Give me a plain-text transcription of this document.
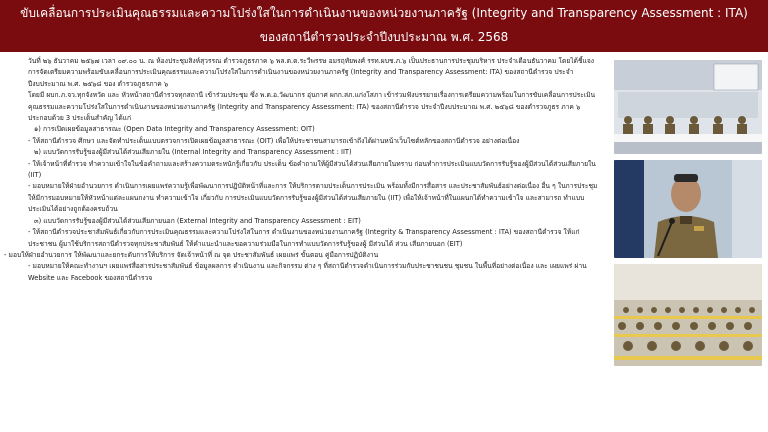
ขับเคลื่อนการประเมินคุณธรรมและความโปร่งใสในการดำเนินงานของหน่วยงานภาครัฐ (Integrity and Transparency Assessment : ITA)
ของสถานีตำรวจประจำปีงบประมาณ พ.ศ. 2568

วันที่ ๒๖ ธันวาคม ๒๕๖๗ เวลา ๐๙.๐๐ น. ณ ห้องประชุมสิงห์สุวรรณ ตำรวจภูธรภาค ๖ พล.ต.ต.ระวีพรรษ อมรฤทัยพงศ์ รรท.ผบช.ภ.๖ เป็นประธานการประชุมบริหาร ประจำเดือนธันวาคม โดยได้ชี้แจงการจัดเตรียมความพร้อมขับเคลื่อนการประเมินคุณธรรมและความโปร่งใสในการดำเนินงานของหน่วยงานภาครัฐ (Integrity and Transparency Assessment: ITA) ของสถานีตำรวจ ประจำปีงบประมาณ พ.ศ. ๒๕๖๘ ของ ตำรวจภูธรภาค ๖

โดยมี ผบก.ภ.จว.ทุกจังหวัด และ หัวหน้าสถานีตำรวจทุกสถานี เข้าร่วมประชุม ซึ่ง พ.ต.อ.วัฒนากร อุ่นกาศ ผกก.สภ.แก่งโสภา เข้าร่วมฟังบรรยายเรื่องการเตรียมความพร้อมในการขับเคลื่อนการประเมินคุณธรรมและความโปร่งใสในการดำเนินงานของหน่วยงานภาครัฐ (Integrity and Transparency Assessment: ITA) ของสถานีตำรวจ ประจำปีงบประมาณ พ.ศ. ๒๕๖๘ ของตำรวจภูธร ภาค ๖ ประกอบด้วย 3 ประเด็นสำคัญ ได้แก่

๑) การเปิดเผยข้อมูลสาธารณะ (Open Data Integrity and Transparency Assessment: OIT)

- ให้สถานีตำรวจ ศึกษา และจัดทำประเด็นแบบตรวจการเปิดเผยข้อมูลสาธารณะ (OIT) เพื่อให้ประชาชนสามารถเข้าถึงได้ผ่านหน้าเว็บไซต์หลักของสถานีตำรวจ อย่างต่อเนื่อง

๒) แบบวัดการรับรู้ของผู้มีส่วนได้ส่วนเสียภายใน (Internal Integrity and Transparency Assessment : IIT)

- ให้เจ้าหน้าที่ตำรวจ ทำความเข้าใจในข้อคำถามและสร้างความตระหนักรู้เกี่ยวกับ ประเด็น ข้อคำถามให้ผู้มีส่วนได้ส่วนเสียภายในทราบ ก่อนทำการประเมินแบบวัดการรับรู้ของผู้มีส่วนได้ส่วนเสียภายใน (IIT)

- มอบหมายให้ฝ่ายอำนวยการ ดำเนินการเผยแพร่ความรู้เพื่อพัฒนาการปฏิบัติหน้าที่และการ ให้บริการตามประเด็นการประเมิน พร้อมทั้งมีการสื่อสาร และประชาสัมพันธ์อย่างต่อเนื่อง อื่น ๆ ในการประชุมให้มีการมอบหมายให้หัวหน้าแต่ละแผนกงาน ทำความเข้าใจ เกี่ยวกับ การประเมินแบบวัดการรับรู้ของผู้มีส่วนได้ส่วนเสียภายใน (IIT) เพื่อให้เจ้าหน้าที่ในแผนกได้ทำความเข้าใจ และสามารถ ทำแบบประเมินได้อย่างถูกต้องครบถ้วน

๓) แบบวัดการรับรู้ของผู้มีส่วนได้ส่วนเสียภายนอก (External Integrity and Transparency Assessment : EIT)

- ให้สถานีตำรวจประชาสัมพันธ์เกี่ยวกับการประเมินคุณธรรมและความโปร่งใสในการ ดำเนินงานของหน่วยงานภาครัฐ (Integrity & Transparency Assessment : ITA) ของสถานีตำรวจ ให้แก่ ประชาชน ผู้มาใช้บริการสถานีตำรวจทุกประชาสัมพันธ์ ให้คำแนะนำและขอความร่วมมือในการทำแบบวัดการรับรู้ของผู้ มีส่วนได้ ส่วน เสียภายนอก (EIT)

- มอบให้ฝ่ายอำนวยการ ให้พัฒนาและยกระดับการให้บริการ จัดเจ้าหน้าที่ ณ จุด ประชาสัมพันธ์ เผยแพร่ ขั้นตอน คู่มือการปฏิบัติงาน

- มอบหมายให้คณะทำงานฯ เผยแพร่สื่อสารประชาสัมพันธ์ ข้อมูลผลการ ดำเนินงาน และกิจกรรม ต่าง ๆ ที่สถานีตำรวจดำเนินการร่วมกับประชาชนชน ชุมชน ในพื้นที่อย่างต่อเนื่อง และ เผยแพร่ ผ่าน Website และ Facebook ของสถานีตำรวจ
